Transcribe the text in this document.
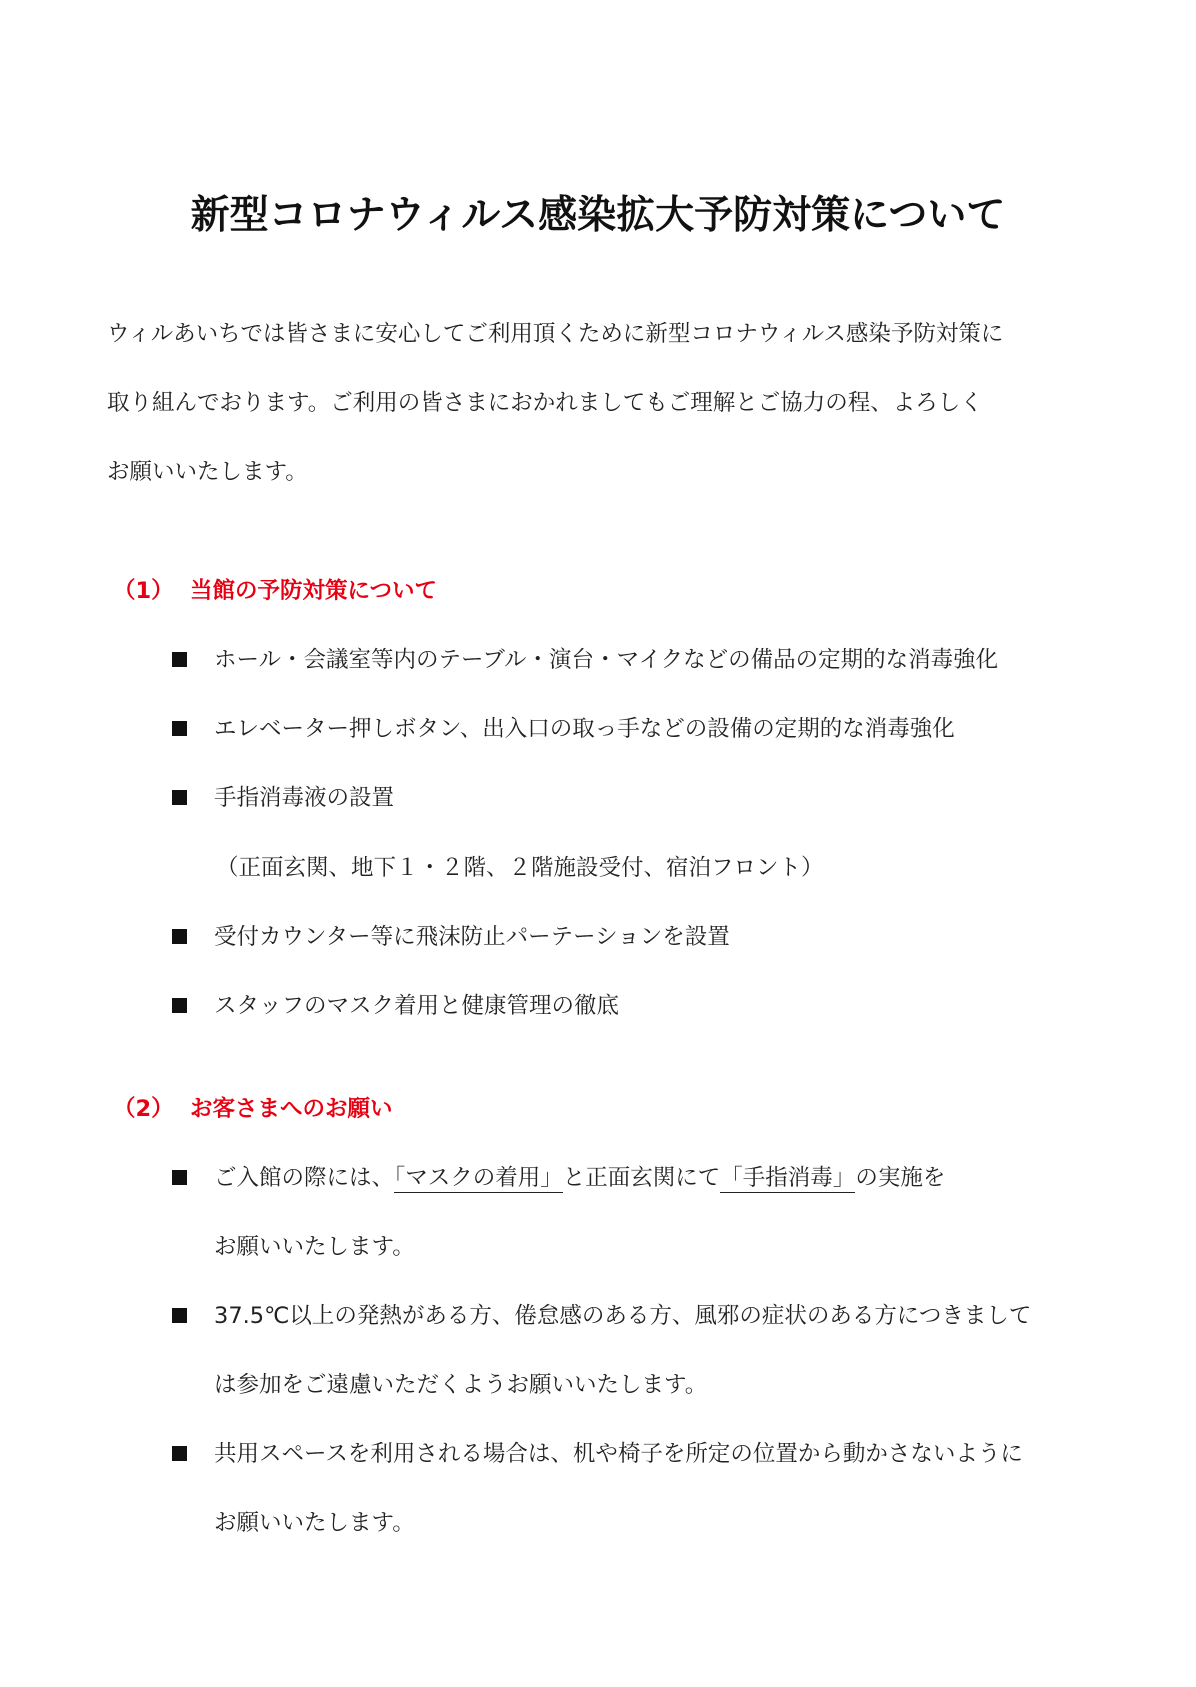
新型コロナウィルス感染拡大予防対策について
ウィルあいちでは皆さまに安心してご利用頂くために新型コロナウィルス感染予防対策に
取り組んでおります。ご利用の皆さまにおかれましてもご理解とご協力の程、よろしく
お願いいたします。
（1） 当館の予防対策について
ホール・会議室等内のテーブル・演台・マイクなどの備品の定期的な消毒強化
エレベーター押しボタン、出入口の取っ手などの設備の定期的な消毒強化
手指消毒液の設置
（正面玄関、地下１・２階、２階施設受付、宿泊フロント）
受付カウンター等に飛沫防止パーテーションを設置
スタッフのマスク着用と健康管理の徹底
（2） お客さまへのお願い
ご入館の際には、「マスクの着用」と正面玄関にて「手指消毒」の実施を
お願いいたします。
37.5℃以上の発熱がある方、倦怠感のある方、風邪の症状のある方につきまして
は参加をご遠慮いただくようお願いいたします。
共用スペースを利用される場合は、机や椅子を所定の位置から動かさないように
お願いいたします。
